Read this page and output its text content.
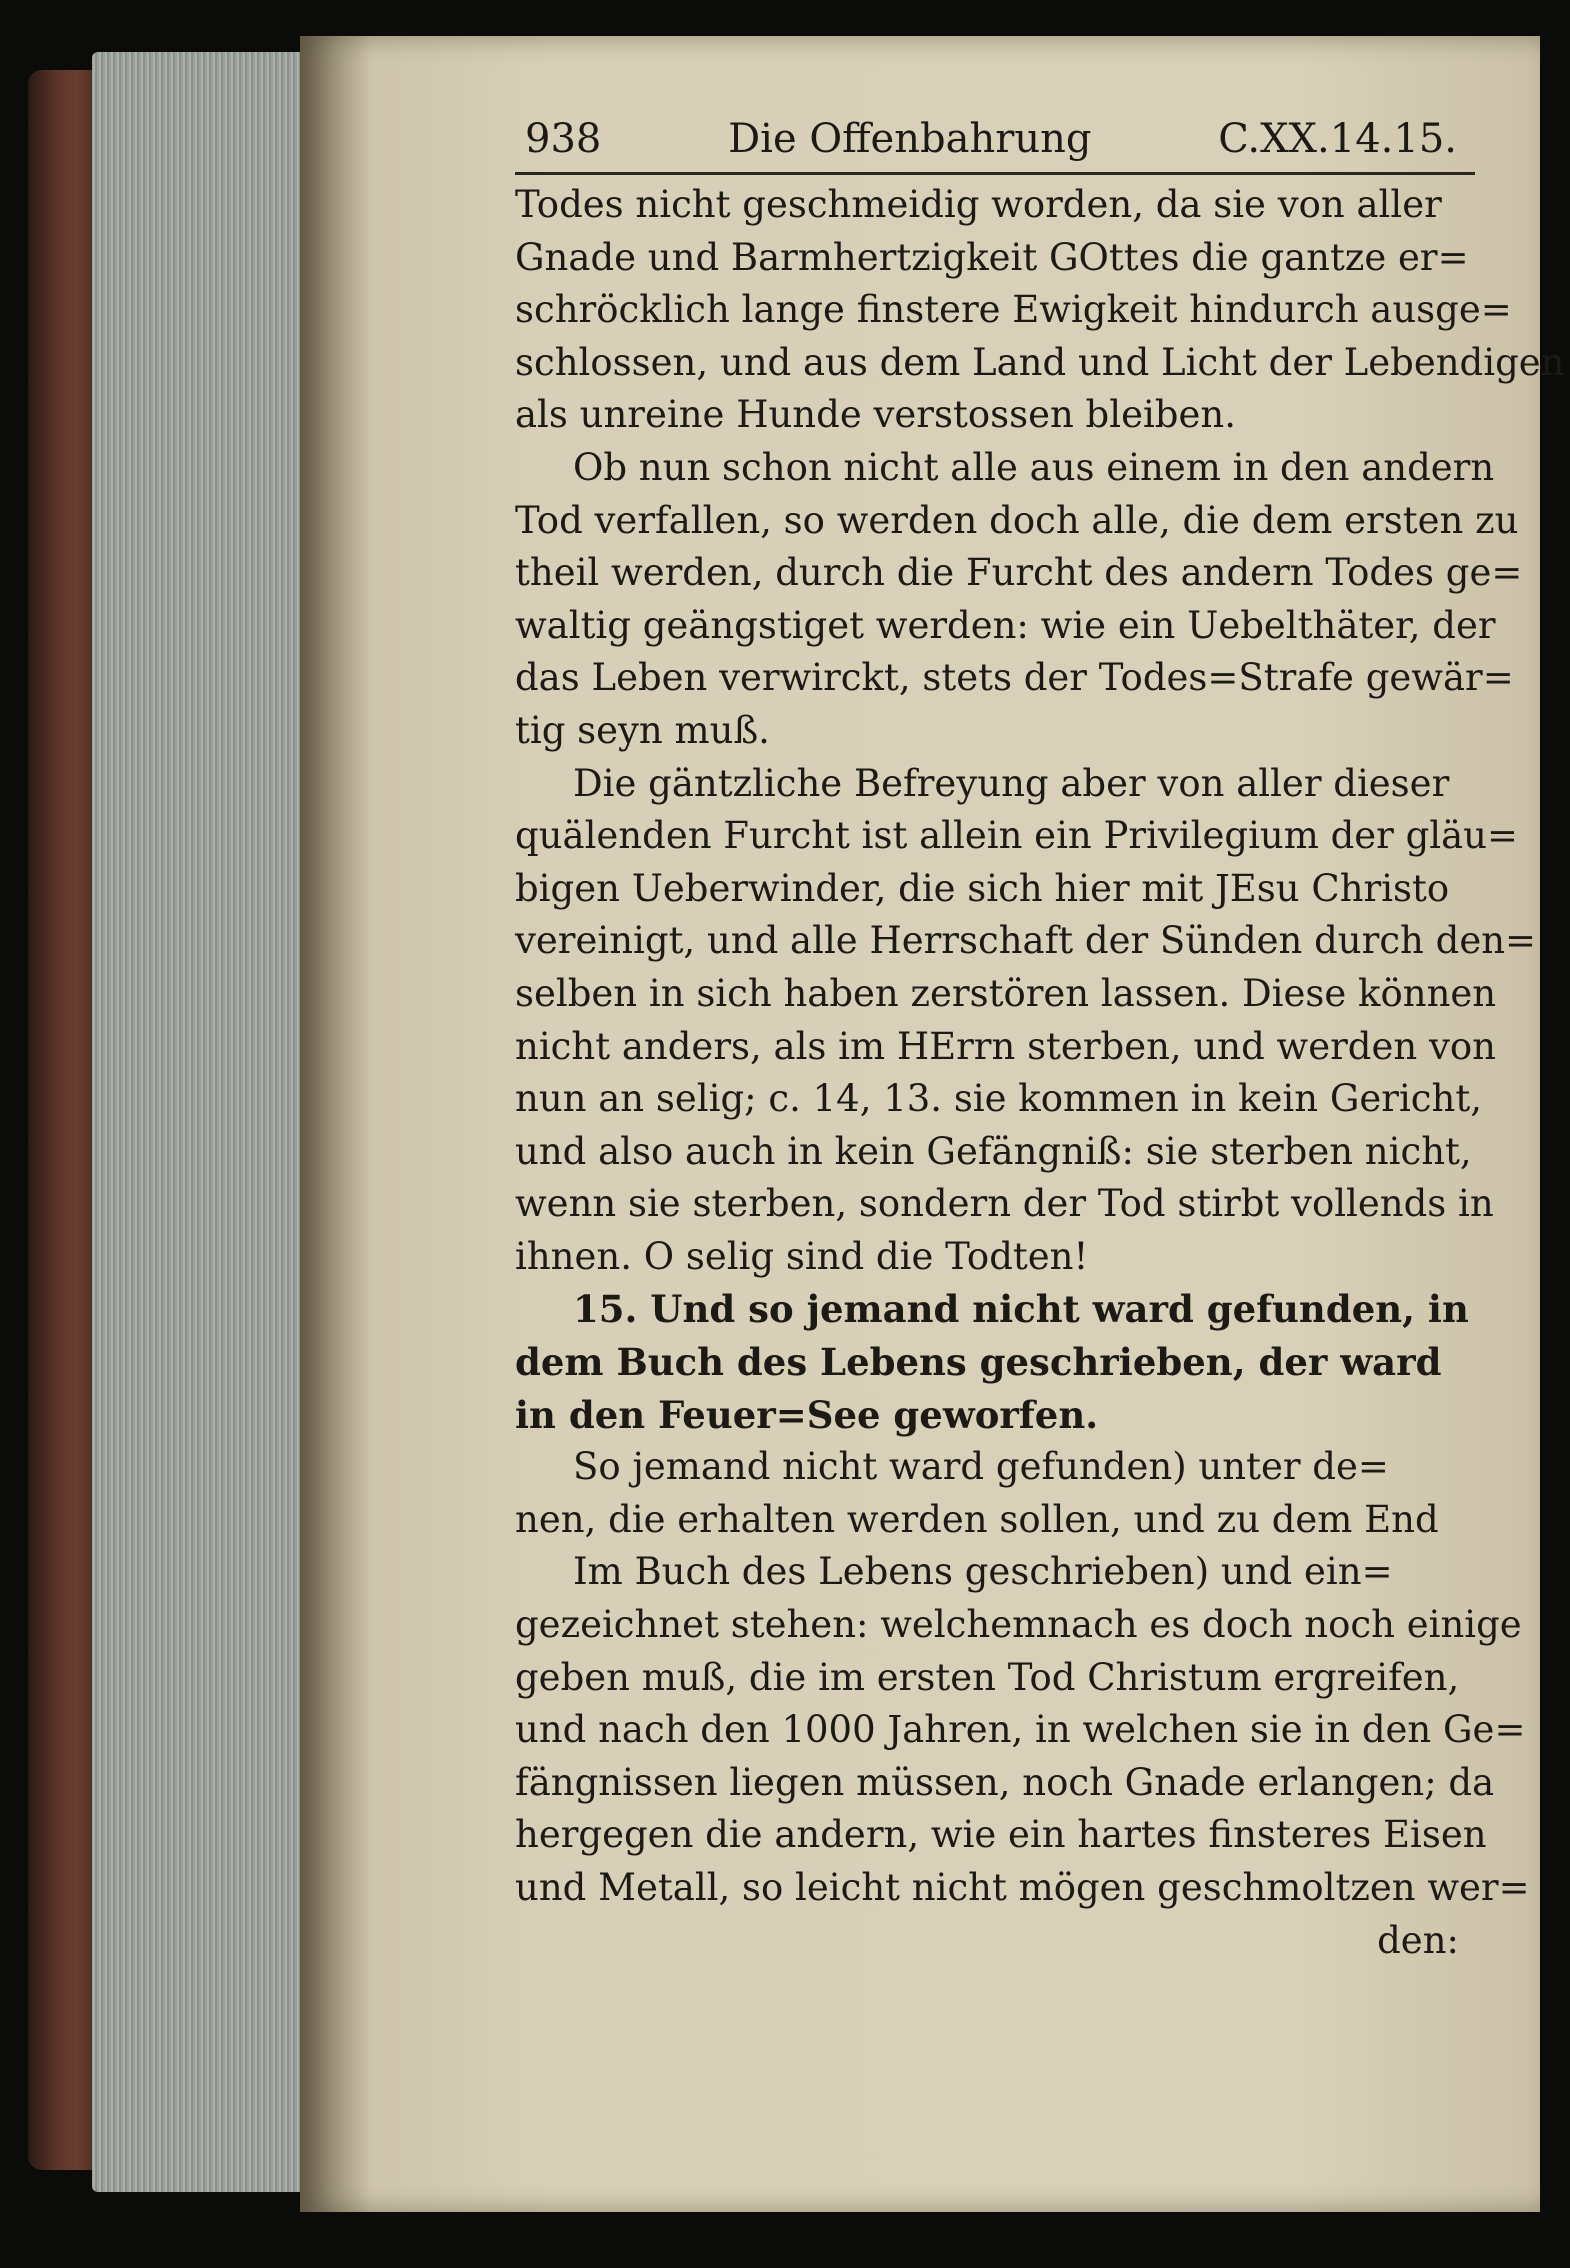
938	Die Offenbahrung	C.XX.14.15.
Todes nicht geschmeidig worden, da sie von aller
Gnade und Barmhertzigkeit GOttes die gantze er=
schröcklich lange finstere Ewigkeit hindurch ausge=
schlossen, und aus dem Land und Licht der Lebendigen
als unreine Hunde verstossen bleiben.
Ob nun schon nicht alle aus einem in den andern
Tod verfallen, so werden doch alle, die dem ersten zu
theil werden, durch die Furcht des andern Todes ge=
waltig geängstiget werden: wie ein Uebelthäter, der
das Leben verwirckt, stets der Todes=Strafe gewär=
tig seyn muß.
Die gäntzliche Befreyung aber von aller dieser
quälenden Furcht ist allein ein Privilegium der gläu=
bigen Ueberwinder, die sich hier mit JEsu Christo
vereinigt, und alle Herrschaft der Sünden durch den=
selben in sich haben zerstören lassen. Diese können
nicht anders, als im HErrn sterben, und werden von
nun an selig; c. 14, 13. sie kommen in kein Gericht,
und also auch in kein Gefängniß: sie sterben nicht,
wenn sie sterben, sondern der Tod stirbt vollends in
ihnen. O selig sind die Todten!
15. Und so jemand nicht ward gefunden, in
dem Buch des Lebens geschrieben, der ward
in den Feuer=See geworfen.
So jemand nicht ward gefunden) unter de=
nen, die erhalten werden sollen, und zu dem End
Im Buch des Lebens geschrieben) und ein=
gezeichnet stehen: welchemnach es doch noch einige
geben muß, die im ersten Tod Christum ergreifen,
und nach den 1000 Jahren, in welchen sie in den Ge=
fängnissen liegen müssen, noch Gnade erlangen; da
hergegen die andern, wie ein hartes finsteres Eisen
und Metall, so leicht nicht mögen geschmoltzen wer=
den:
